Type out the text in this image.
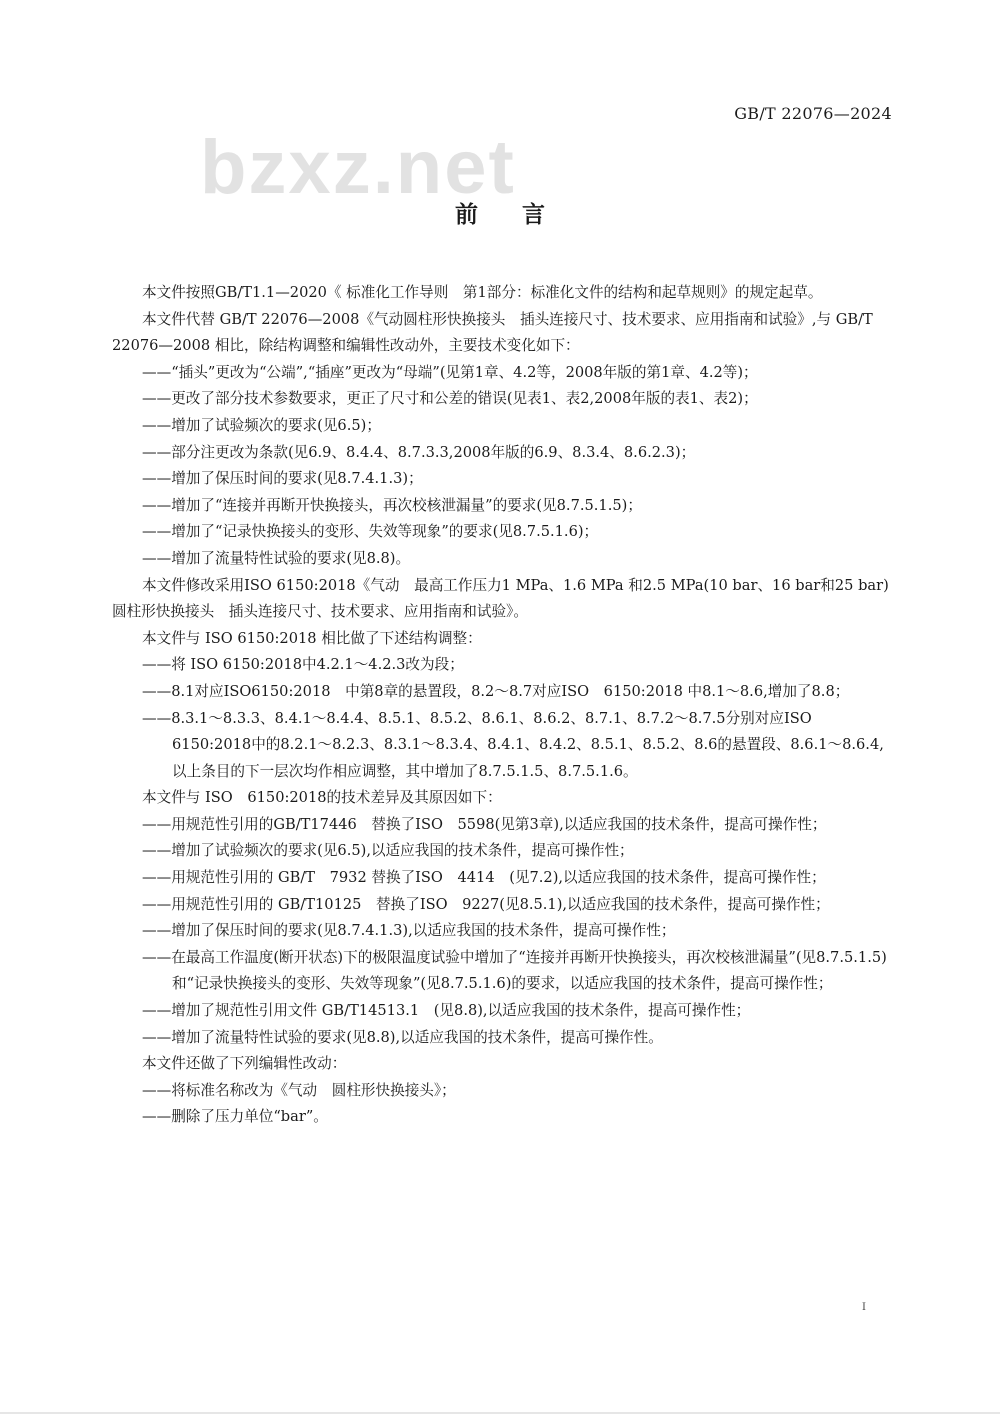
bzxz.net
GB/T 22076—2024
前言

本文件按照GB/T1.1—2020《 标准化工作导则　第1部分：标准化文件的结构和起草规则》的规定起草。

本文件代替 GB/T 22076—2008《气动圆柱形快换接头　插头连接尺寸、技术要求、应用指南和试验》,与 GB/T　22076—2008 相比，除结构调整和编辑性改动外，主要技术变化如下：

——“插头”更改为“公端”,“插座”更改为“母端”(见第1章、4.2等，2008年版的第1章、4.2等)；

——更改了部分技术参数要求，更正了尺寸和公差的错误(见表1、表2,2008年版的表1、表2)；

——增加了试验频次的要求(见6.5)；

——部分注更改为条款(见6.9、8.4.4、8.7.3.3,2008年版的6.9、8.3.4、8.6.2.3)；

——增加了保压时间的要求(见8.7.4.1.3)；

——增加了“连接并再断开快换接头，再次校核泄漏量”的要求(见8.7.5.1.5)；

——增加了“记录快换接头的变形、失效等现象”的要求(见8.7.5.1.6)；

——增加了流量特性试验的要求(见8.8)。

本文件修改采用ISO 6150:2018《气动　最高工作压力1 MPa、1.6 MPa 和2.5 MPa(10 bar、16 bar和25 bar)圆柱形快换接头　插头连接尺寸、技术要求、应用指南和试验》。

本文件与 ISO 6150:2018 相比做了下述结构调整：

——将 ISO 6150:2018中4.2.1～4.2.3改为段；

——8.1对应ISO6150:2018　中第8章的悬置段，8.2～8.7对应ISO　6150:2018 中8.1～8.6,增加了8.8；

——8.3.1～8.3.3、8.4.1～8.4.4、8.5.1、8.5.2、8.6.1、8.6.2、8.7.1、8.7.2～8.7.5分别对应ISO　6150:2018中的8.2.1～8.2.3、8.3.1～8.3.4、8.4.1、8.4.2、8.5.1、8.5.2、8.6的悬置段、8.6.1～8.6.4,以上条目的下一层次均作相应调整，其中增加了8.7.5.1.5、8.7.5.1.6。

本文件与 ISO　6150:2018的技术差异及其原因如下：

——用规范性引用的GB/T17446　替换了ISO　5598(见第3章),以适应我国的技术条件，提高可操作性；

——增加了试验频次的要求(见6.5),以适应我国的技术条件，提高可操作性；

——用规范性引用的 GB/T　7932 替换了ISO　4414　(见7.2),以适应我国的技术条件，提高可操作性；

——用规范性引用的 GB/T10125　替换了ISO　9227(见8.5.1),以适应我国的技术条件，提高可操作性；

——增加了保压时间的要求(见8.7.4.1.3),以适应我国的技术条件，提高可操作性；

——在最高工作温度(断开状态)下的极限温度试验中增加了“连接并再断开快换接头，再次校核泄漏量”(见8.7.5.1.5)和“记录快换接头的变形、失效等现象”(见8.7.5.1.6)的要求，以适应我国的技术条件，提高可操作性；

——增加了规范性引用文件 GB/T14513.1　(见8.8),以适应我国的技术条件，提高可操作性；

——增加了流量特性试验的要求(见8.8),以适应我国的技术条件，提高可操作性。

本文件还做了下列编辑性改动：

——将标准名称改为《气动　圆柱形快换接头》；

——删除了压力单位“bar”。

Ⅰ
